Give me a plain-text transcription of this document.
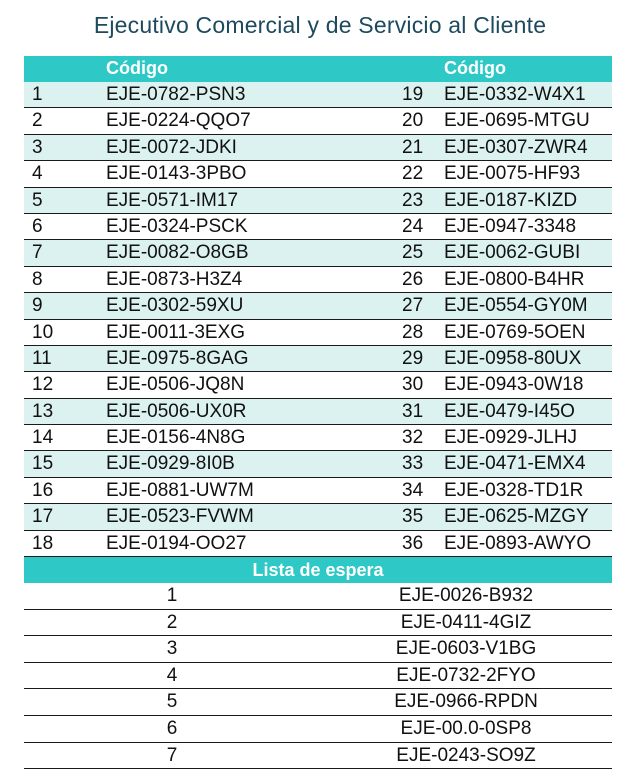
Ejecutivo Comercial y de Servicio al Cliente
Código	Código
1	EJE-0782-PSN3	19 EJE-0332-W4X1
2	EJE-0224-QQO7	20 EJE-0695-MTGU
3	EJE-0072-JDKI	21 EJE-0307-ZWR4
4	EJE-0143-3PBO	22 EJE-0075-HF93
5	EJE-0571-IM17	23 EJE-0187-KIZD
6	EJE-0324-PSCK	24 EJE-0947-3348
7	EJE-0082-O8GB	25 EJE-0062-GUBI
8	EJE-0873-H3Z4	26 EJE-0800-B4HR
9	EJE-0302-59XU	27 EJE-0554-GY0M
10	EJE-0011-3EXG	28 EJE-0769-5OEN
11	EJE-0975-8GAG	29 EJE-0958-80UX
12	EJE-0506-JQ8N	30 EJE-0943-0W18
13	EJE-0506-UX0R	31 EJE-0479-I45O
14	EJE-0156-4N8G	32 EJE-0929-JLHJ
15	EJE-0929-8I0B	33 EJE-0471-EMX4
16	EJE-0881-UW7M	34 EJE-0328-TD1R
17	EJE-0523-FVWM	35 EJE-0625-MZGY
18	EJE-0194-OO27	36 EJE-0893-AWYO
Lista de espera
1	EJE-0026-B932
2	EJE-0411-4GIZ
3	EJE-0603-V1BG
4	EJE-0732-2FYO
5	EJE-0966-RPDN
6	EJE-00.0-0SP8
7	EJE-0243-SO9Z
